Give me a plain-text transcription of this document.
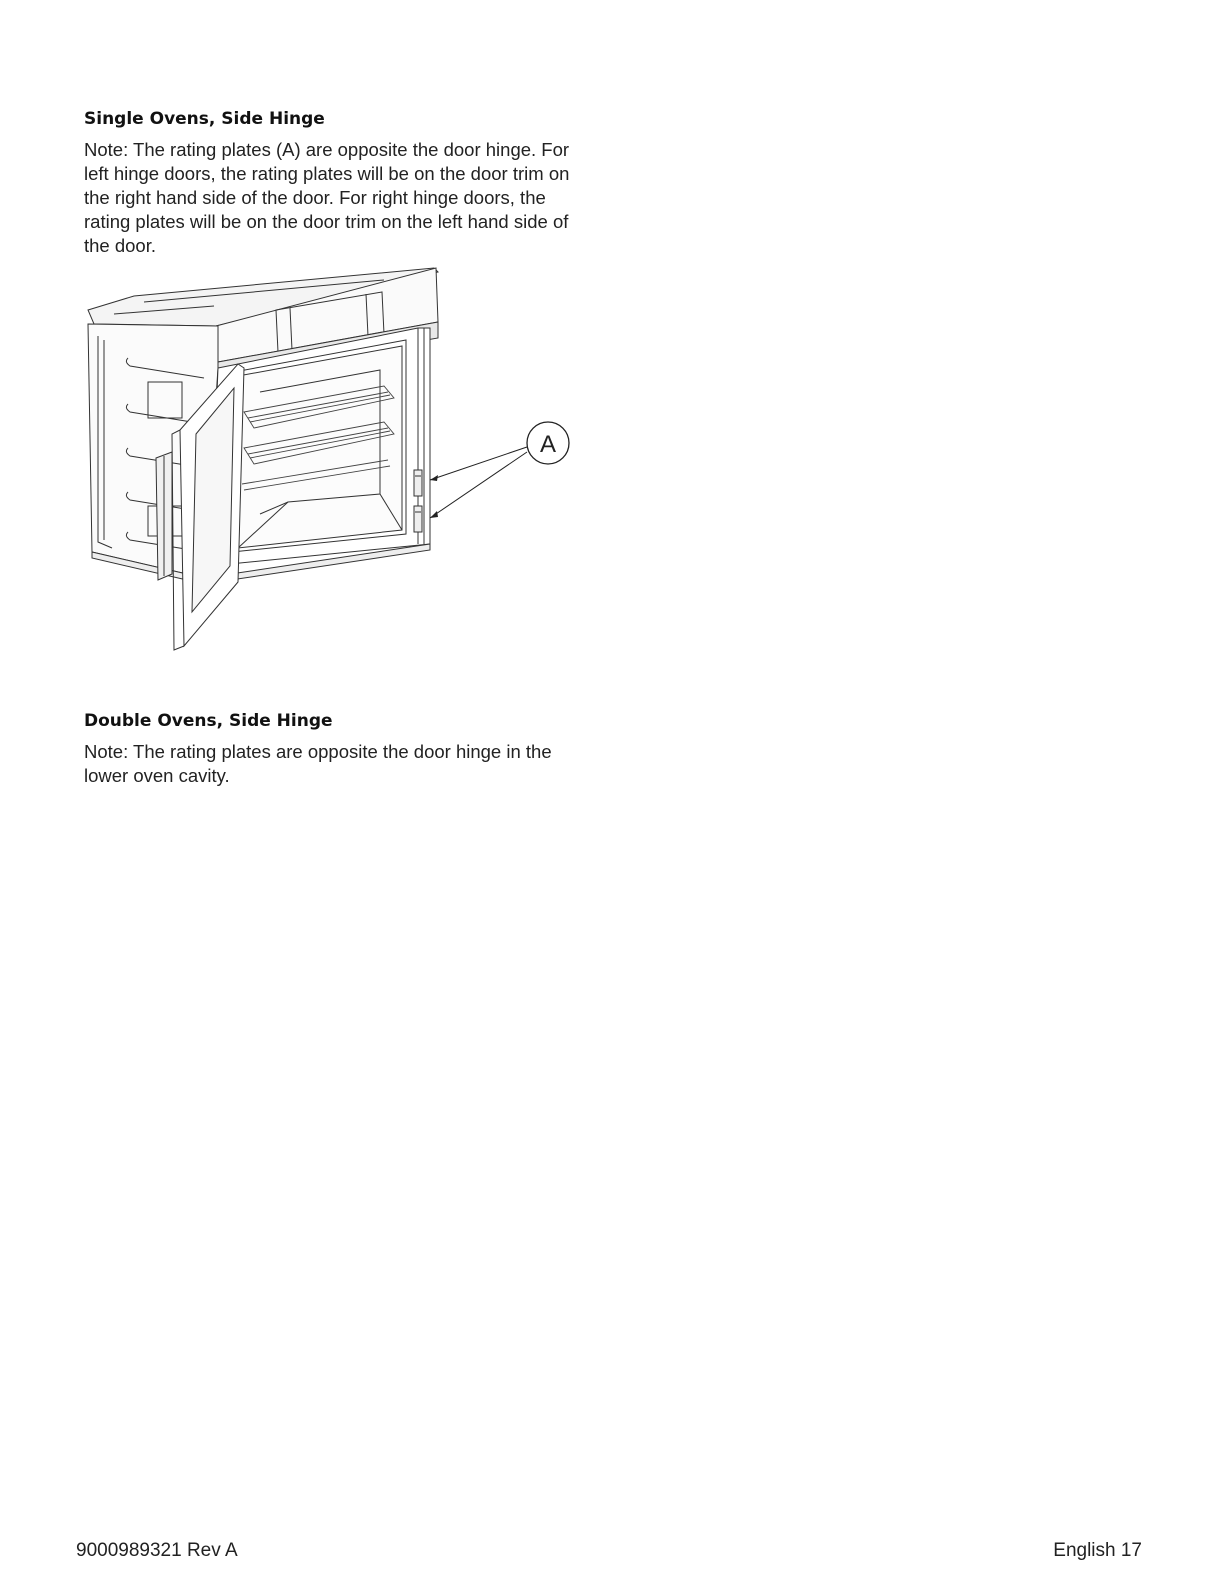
Single Ovens, Side Hinge

Note: The rating plates (A) are opposite the door hinge. For left hinge doors, the rating plates will be on the door trim on the right hand side of the door. For right hinge doors, the rating plates will be on the door trim on the left hand side of the door.

A
Double Ovens, Side Hinge

Note: The rating plates are opposite the door hinge in the lower oven cavity.

9000989321 Rev A	English 17
